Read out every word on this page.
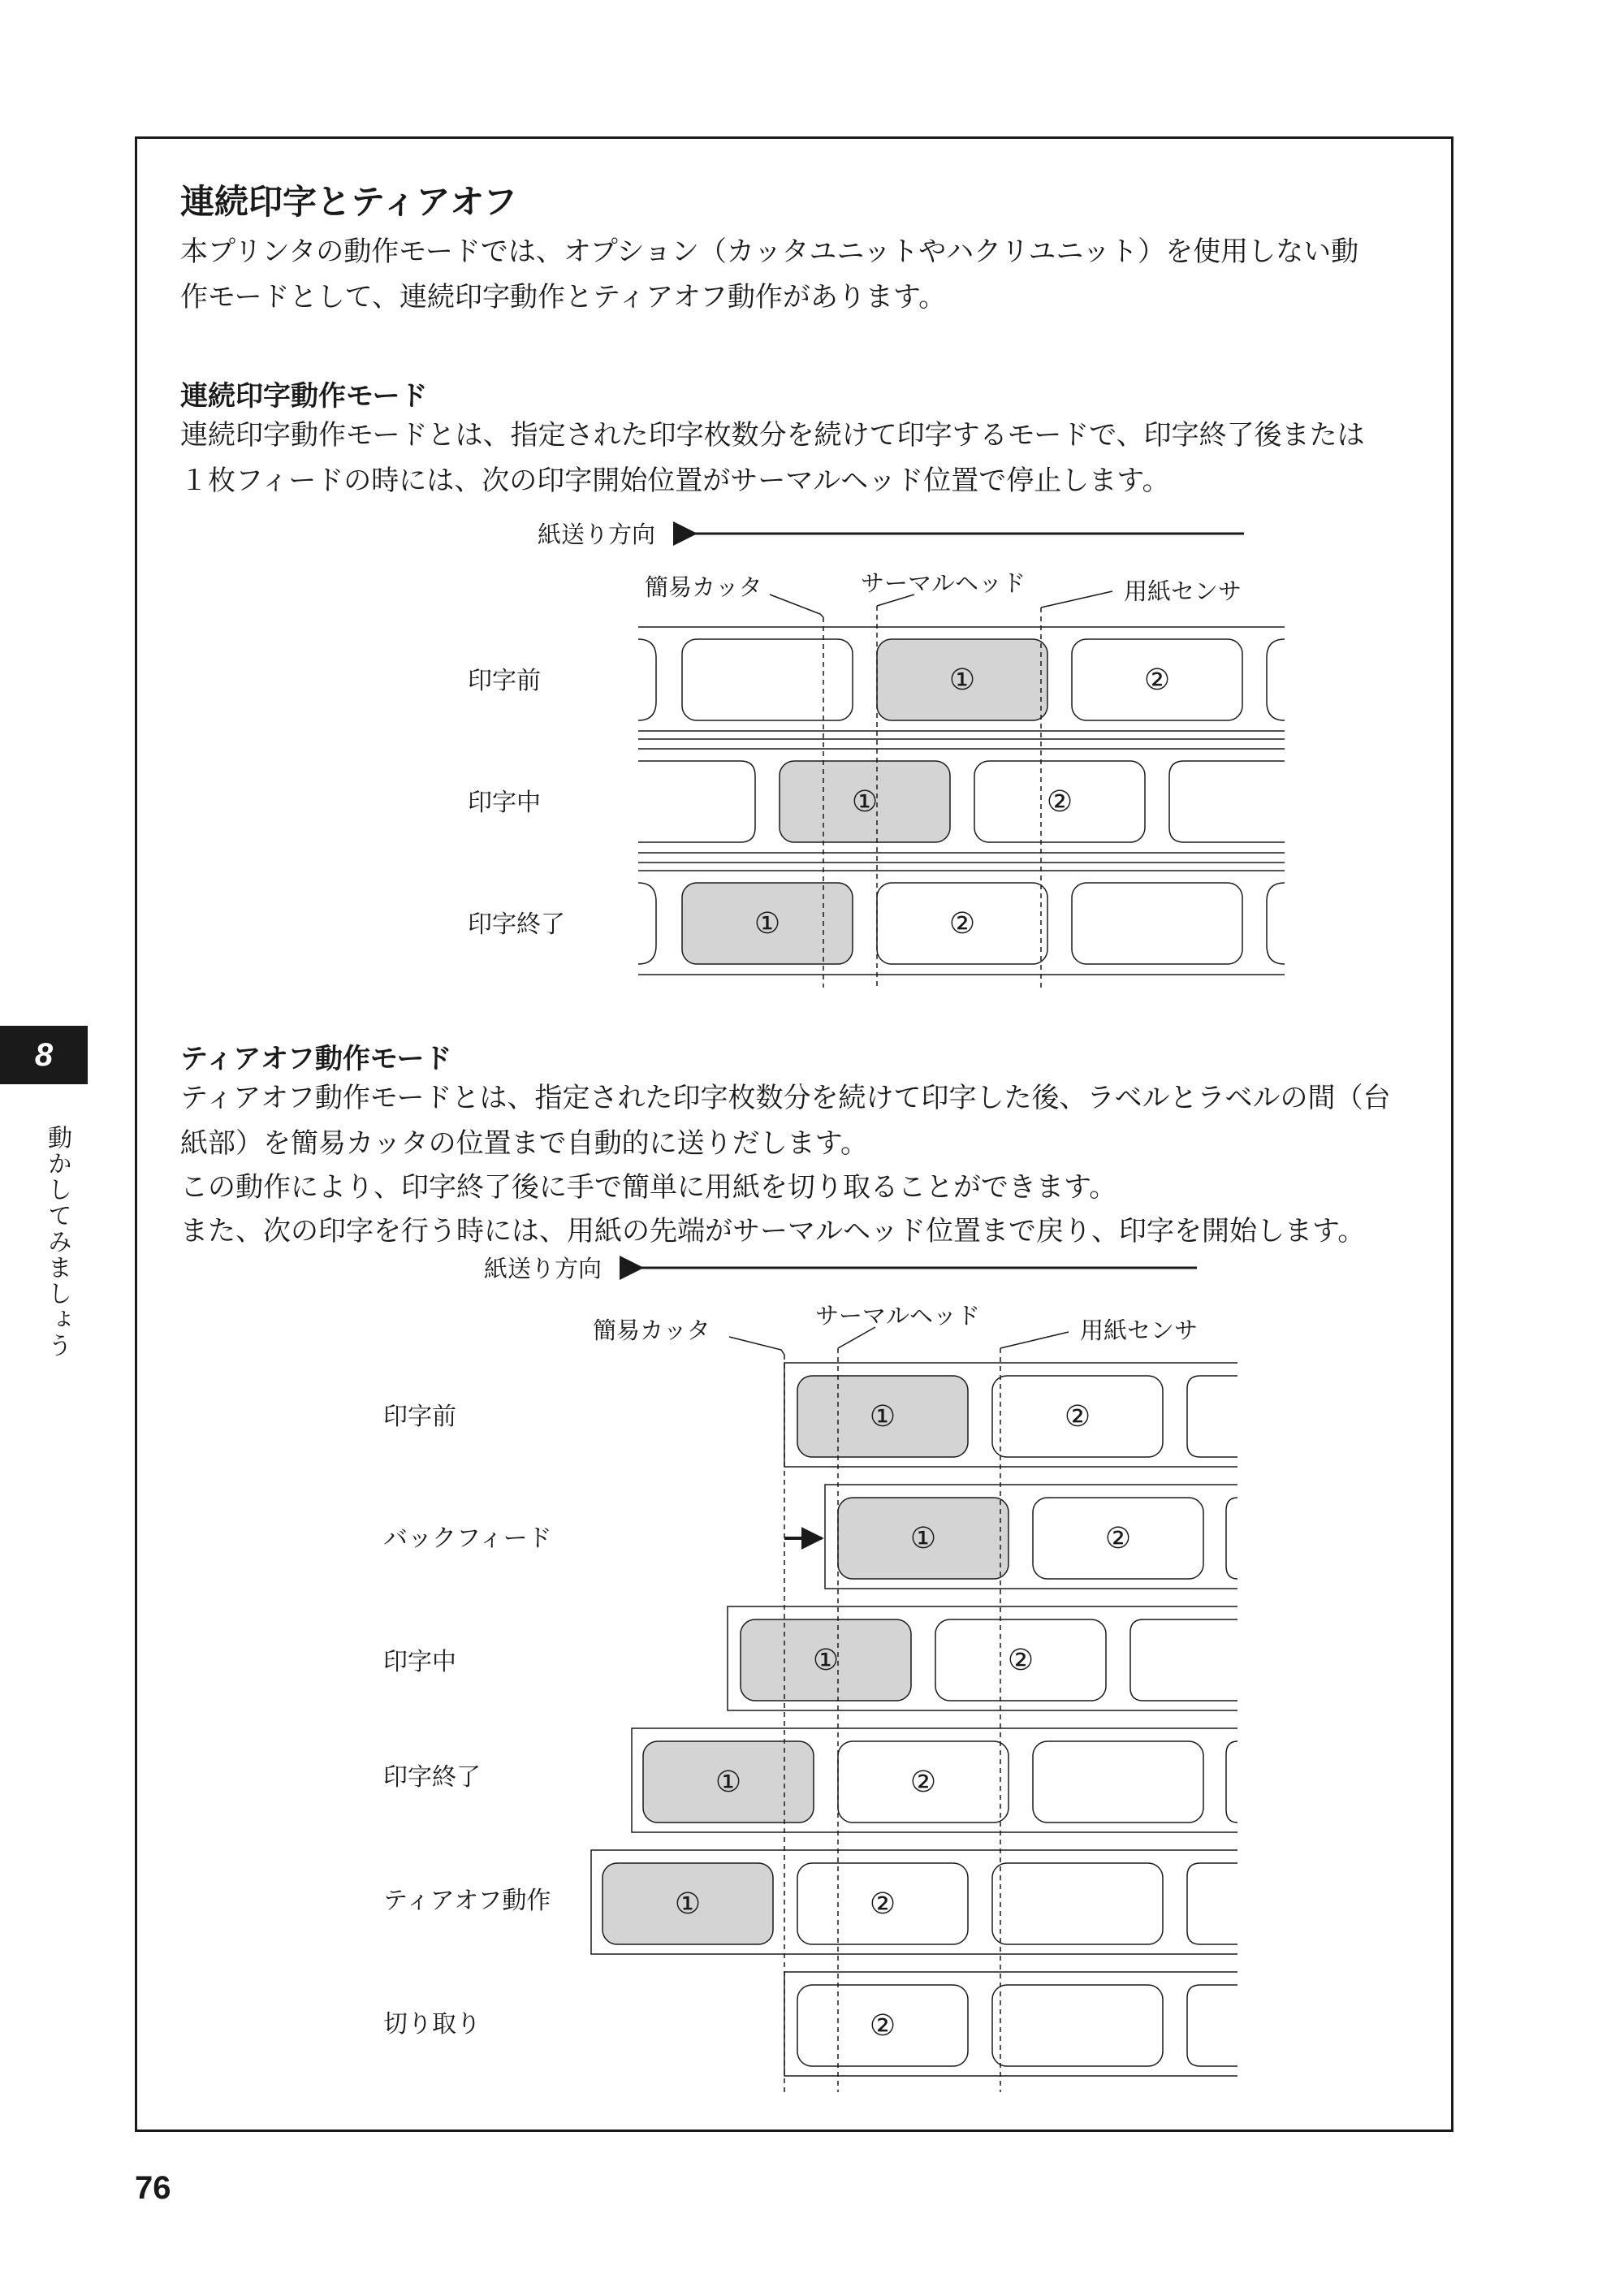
連続印字とティアオフ

本プリンタの動作モードでは、オプション（カッタユニットやハクリユニット）を使用しない動

作モードとして、連続印字動作とティアオフ動作があります。

連続印字動作モード

連続印字動作モードとは、指定された印字枚数分を続けて印字するモードで、印字終了後または

１枚フィードの時には、次の印字開始位置がサーマルヘッド位置で停止します。

紙送り方向
簡易カッタ	サーマルヘッド	用紙センサ
印字前	①	②
印字中	①	②
印字終了	①	②
ティアオフ動作モード

ティアオフ動作モードとは、指定された印字枚数分を続けて印字した後、ラベルとラベルの間（台

紙部）を簡易カッタの位置まで自動的に送りだします。

この動作により、印字終了後に手で簡単に用紙を切り取ることができます。

また、次の印字を行う時には、用紙の先端がサーマルヘッド位置まで戻り、印字を開始します。

紙送り方向
簡易カッタ
サーマルヘッド
用紙センサ
印字前	①	②
バックフィード	①	②
印字中	①	②
印字終了	①	②
ティアオフ動作	①	②
切り取り	②
8
動かしてみましょう
76
